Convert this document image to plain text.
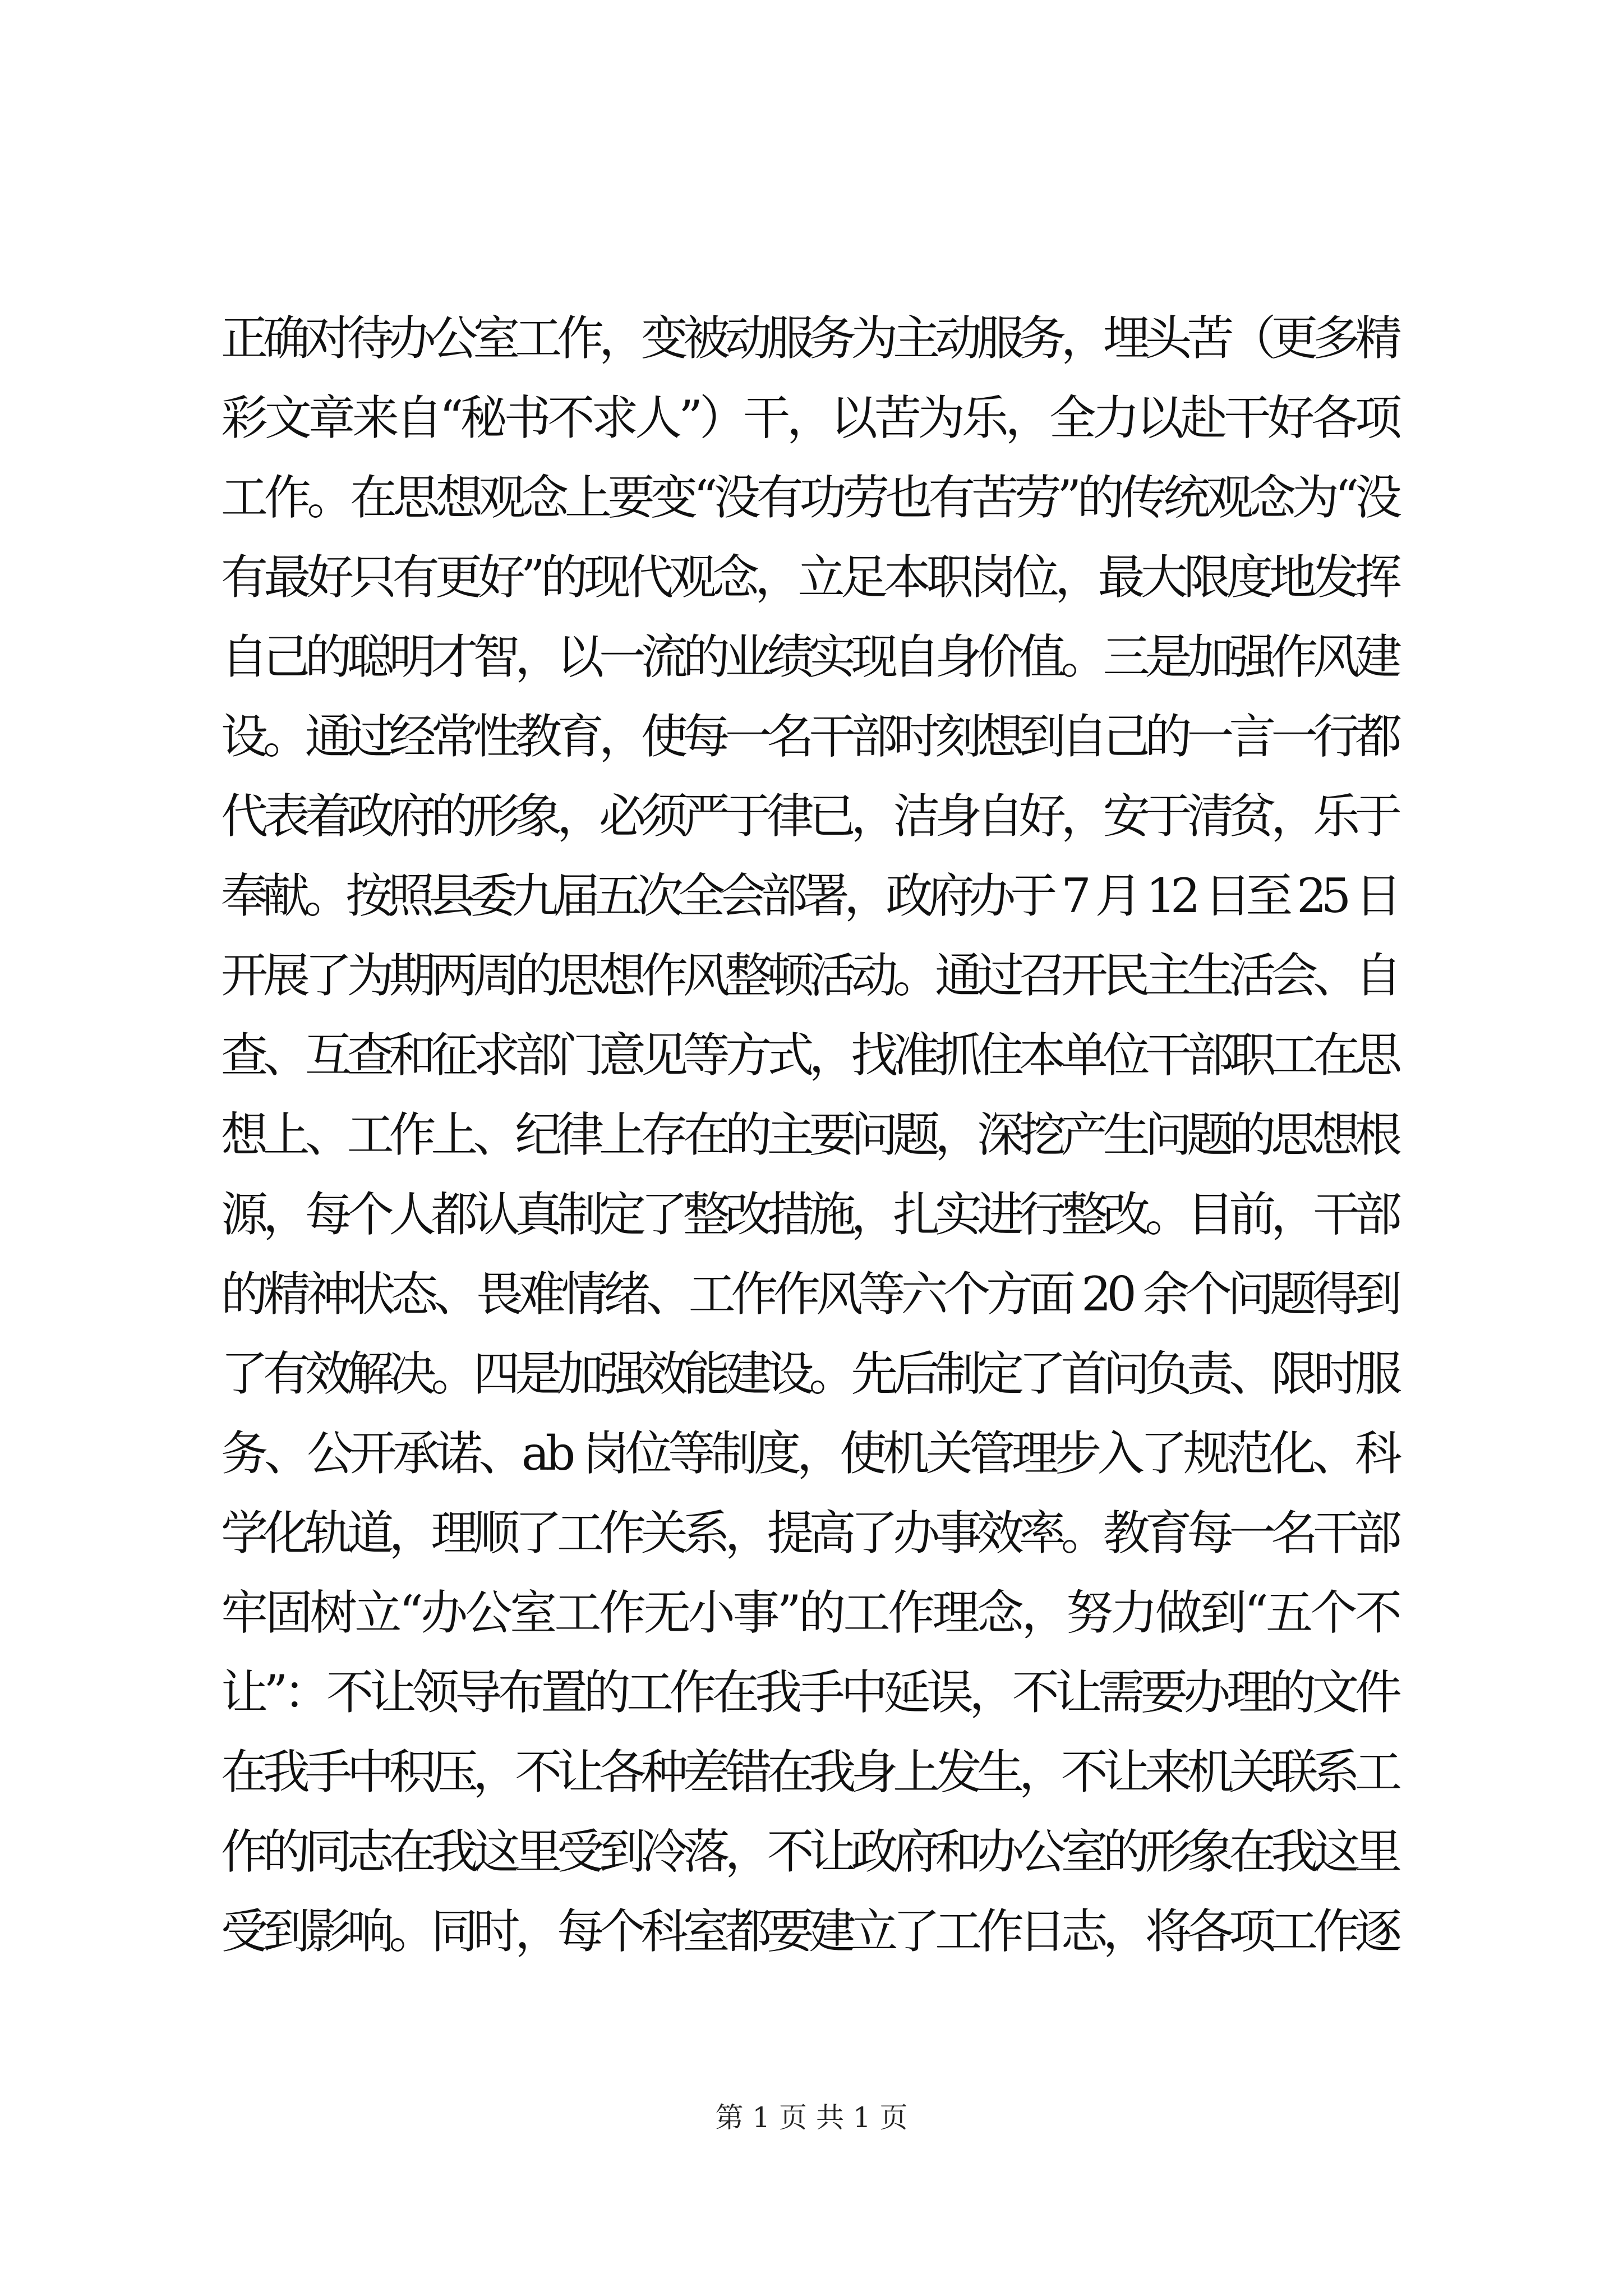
正确对待办公室工作，变被动服务为主动服务，埋头苦（更多精
彩文章来自“秘书不求人”）干，以苦为乐，全力以赴干好各项
工作。在思想观念上要变“没有功劳也有苦劳”的传统观念为“没
有最好只有更好”的现代观念，立足本职岗位，最大限度地发挥
自己的聪明才智，以一流的业绩实现自身价值。三是加强作风建
设。通过经常性教育，使每一名干部时刻想到自己的一言一行都
代表着政府的形象，必须严于律已，洁身自好，安于清贫，乐于
奉献。按照县委九届五次全会部署，政府办于 7 月 12 日至 25 日
开展了为期两周的思想作风整顿活动。通过召开民主生活会、自
查、互查和征求部门意见等方式，找准抓住本单位干部职工在思
想上、工作上、纪律上存在的主要问题，深挖产生问题的思想根
源，每个人都认真制定了整改措施，扎实进行整改。目前，干部
的精神状态、畏难情绪、工作作风等六个方面 20 余个问题得到
了有效解决。四是加强效能建设。先后制定了首问负责、限时服
务、公开承诺、ab 岗位等制度，使机关管理步入了规范化、科
学化轨道，理顺了工作关系，提高了办事效率。教育每一名干部
牢固树立“办公室工作无小事”的工作理念，努力做到“五个不
让”：不让领导布置的工作在我手中延误，不让需要办理的文件
在我手中积压，不让各种差错在我身上发生，不让来机关联系工
作的同志在我这里受到冷落，不让政府和办公室的形象在我这里
受到影响。同时，每个科室都要建立了工作日志，将各项工作逐
第 1 页 共 1 页
